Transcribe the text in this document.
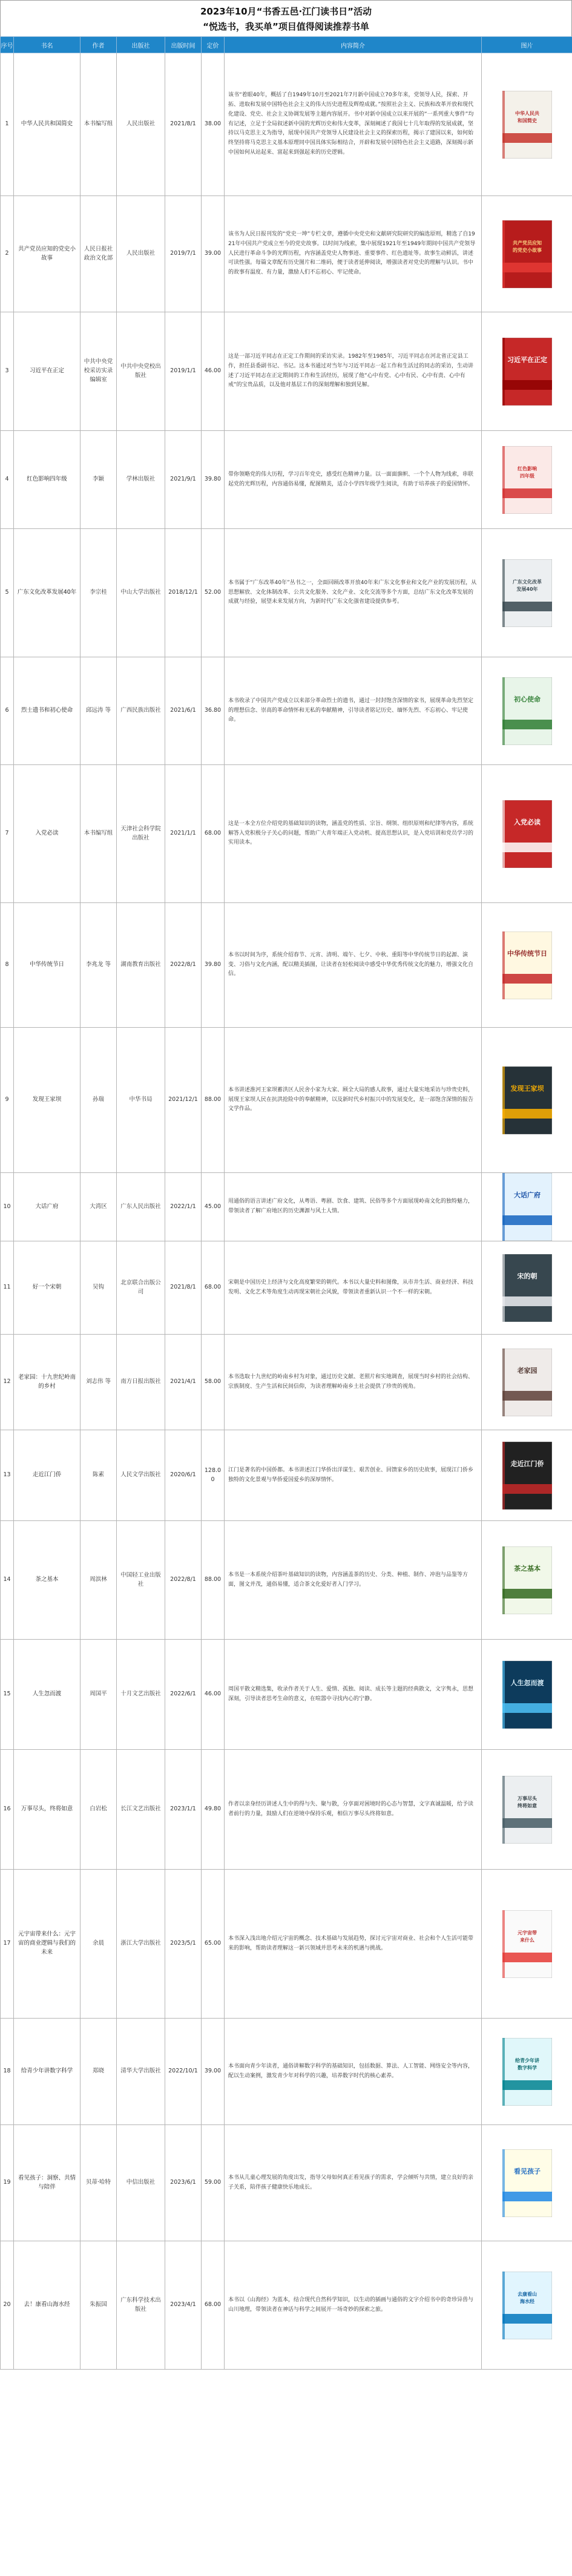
2023年10月“书香五邑·江门读书日”活动
“悦选书，我买单”项目值得阅读推荐书单
序号	书名	作者	出版社	出版时间	定价	内容简介	图片
1	中华人民共和国简史	本书编写组	人民出版社	2021/8/1	38.00	该书“着眼40年，概括了自1949年10月至2021年7月新中国成立70多年来，党领导人民，探索、开拓、进取和发展中国特色社会主义的伟大历史进程及辉煌成就。”按照社会主义、民族和改革开放和现代化建设、党史、社会主义协调发展等主题内容展开。书中对新中国成立以来开展的“一系列重大事件”均有记述，立足于全局叙述新中国的光辉历史和伟大变革，深刻阐述了我国七十几年取得的发展成就，坚持以马克思主义为指导，展现中国共产党领导人民建设社会主义的探索历程，揭示了建国以来，如何始终坚持将马克思主义基本原理同中国具体实际相结合，开辟和发展中国特色社会主义道路，深刻揭示新中国如何从站起来、富起来到强起来的历史逻辑。	中华人民共和国简史

2	共产党员应知的党史小故事	人民日报社政治文化部	人民出版社	2019/7/1	39.00	该书为人民日报刊发的“党史一坤”专栏文章，遵循中央党史和文献研究院研究的编选原则，精选了自1921年中国共产党成立至今的党史故事。以时间为线索，集中展现1921年至1949年期间中国共产党领导人民进行革命斗争的光辉历程，内容涵盖党史人物事迹、重要事件、红色遗址等。故事生动鲜活，讲述可读性强。每篇文章配有历史图片和二维码，便于读者延伸阅读，增强读者对党史的理解与认识。书中的故事有温度、有力量，激励人们不忘初心、牢记使命。	共产党员应知的党史小故事

3	习近平在正定	中共中央党校采访实录编辑室	中共中央党校出版社	2019/1/1	46.00	这是一部习近平同志在正定工作期间的采访实录。1982年至1985年，习近平同志在河北省正定县工作，担任县委副书记、书记。这本书通过对当年与习近平同志一起工作和生活过的同志的采访，生动讲述了习近平同志在正定期间的工作和生活经历，展现了他“心中有党、心中有民、心中有责、心中有戒”的宝贵品质，以及他对基层工作的深刻理解和独到见解。	习近平在正定

4	红色影响四年级	李颖	学林出版社	2021/9/1	39.80	带你领略党的伟大历程，学习百年党史，感受红色精神力量。以一面面旗帜、一个个人物为线索，串联起党的光辉历程，内容通俗易懂，配图精美，适合小学四年级学生阅读，有助于培养孩子的爱国情怀。	红色影响四年级

5	广东文化改革发展40年	李宗桂	中山大学出版社	2018/12/1	52.00	本书属于“广东改革40年”丛书之一，全面回顾改革开放40年来广东文化事业和文化产业的发展历程，从思想解放、文化体制改革、公共文化服务、文化产业、文化交流等多个方面，总结广东文化改革发展的成就与经验，展望未来发展方向，为新时代广东文化强省建设提供参考。	广东文化改革发展40年

6	烈士遗书和初心使命	邱远涛 等	广西民族出版社	2021/6/1	36.80	本书收录了中国共产党成立以来部分革命烈士的遗书，通过一封封饱含深情的家书，展现革命先烈坚定的理想信念、崇高的革命情怀和无私的奉献精神，引导读者铭记历史、缅怀先烈、不忘初心、牢记使命。	初心使命

7	入党必读	本书编写组	天津社会科学院出版社	2021/1/1	68.00	这是一本全方位介绍党的基础知识的读物，涵盖党的性质、宗旨、纲领、组织原则和纪律等内容，系统解答入党积极分子关心的问题，帮助广大青年端正入党动机、提高思想认识，是入党培训和党员学习的实用读本。	入党必读

8	中华传统节日	李兆龙 等	湖南教育出版社	2022/8/1	39.80	本书以时间为序，系统介绍春节、元宵、清明、端午、七夕、中秋、重阳等中华传统节日的起源、演变、习俗与文化内涵，配以精美插图，让读者在轻松阅读中感受中华优秀传统文化的魅力，增强文化自信。	中华传统节日

9	发现王家坝	孙瑞	中华书局	2021/12/1	88.00	本书讲述淮河王家坝蓄洪区人民舍小家为大家、顾全大局的感人故事，通过大量实地采访与珍贵史料，展现王家坝人民在抗洪抢险中的奉献精神，以及新时代乡村振兴中的发展变化，是一部饱含深情的报告文学作品。	发现王家坝

10	大话广府	大湾区	广东人民出版社	2022/1/1	45.00	用通俗的语言讲述广府文化，从粤语、粤剧、饮食、建筑、民俗等多个方面展现岭南文化的独特魅力，带领读者了解广府地区的历史渊源与风土人情。	大话广府

11	好一个宋朝	吴钩	北京联合出版公司	2021/8/1	68.00	宋朝是中国历史上经济与文化高度繁荣的朝代。本书以大量史料和图像，从市井生活、商业经济、科技发明、文化艺术等角度生动再现宋朝社会风貌，带领读者重新认识一个不一样的宋朝。	宋的朝

12	老家园：十九世纪岭南的乡村	刘志伟 等	南方日报出版社	2021/4/1	58.00	本书选取十九世纪的岭南乡村为对象，通过历史文献、老照片和实地调查，展现当时乡村的社会结构、宗族制度、生产生活和民间信仰，为读者理解岭南乡土社会提供了珍贵的视角。	老家园

13	走近江门侨	陈素	人民文学出版社	2020/6/1	128.00	江门是著名的中国侨都。本书讲述江门华侨出洋谋生、艰苦创业、回馈家乡的历史故事，展现江门侨乡独特的文化景观与华侨爱国爱乡的深厚情怀。	走近江门侨

14	茶之基本	周滨林	中国轻工业出版社	2022/8/1	88.00	本书是一本系统介绍茶叶基础知识的读物，内容涵盖茶的历史、分类、种植、制作、冲泡与品鉴等方面，图文并茂，通俗易懂，适合茶文化爱好者入门学习。	茶之基本

15	人生忽而渡	周国平	十月文艺出版社	2022/6/1	46.00	周国平散文精选集，收录作者关于人生、爱情、孤独、阅读、成长等主题的经典散文，文字隽永，思想深刻，引导读者思考生命的意义，在喧嚣中寻找内心的宁静。	人生忽而渡

16	万事尽头，终将如意	白岩松	长江文艺出版社	2023/1/1	49.80	作者以亲身经历讲述人生中的得与失、聚与散，分享面对困境时的心态与智慧，文字真诚温暖，给予读者前行的力量，鼓励人们在逆境中保持乐观，相信万事尽头终将如意。	万事尽头终将如意

17	元宇宙带来什么：元宇宙的商业逻辑与我们的未来	余晨	浙江大学出版社	2023/5/1	65.00	本书深入浅出地介绍元宇宙的概念、技术基础与发展趋势，探讨元宇宙对商业、社会和个人生活可能带来的影响，帮助读者理解这一新兴领域并思考未来的机遇与挑战。	元宇宙带来什么

18	给青少年讲数字科学	郑晓	清华大学出版社	2022/10/1	39.00	本书面向青少年读者，通俗讲解数字科学的基础知识，包括数据、算法、人工智能、网络安全等内容，配以生动案例，激发青少年对科学的兴趣，培养数字时代的核心素养。	给青少年讲数字科学

19	看见孩子：洞察、共情与陪伴	贝蒂·哈特	中信出版社	2023/6/1	59.00	本书从儿童心理发展的角度出发，指导父母如何真正看见孩子的需求，学会倾听与共情，建立良好的亲子关系，陪伴孩子健康快乐地成长。	看见孩子

20	去！康看山海水经	朱振国	广东科学技术出版社	2023/4/1	68.00	本书以《山海经》为蓝本，结合现代自然科学知识，以生动的插画与通俗的文字介绍书中的奇珍异兽与山川地理，带领读者在神话与科学之间展开一场奇妙的探索之旅。	去康看山海水经
